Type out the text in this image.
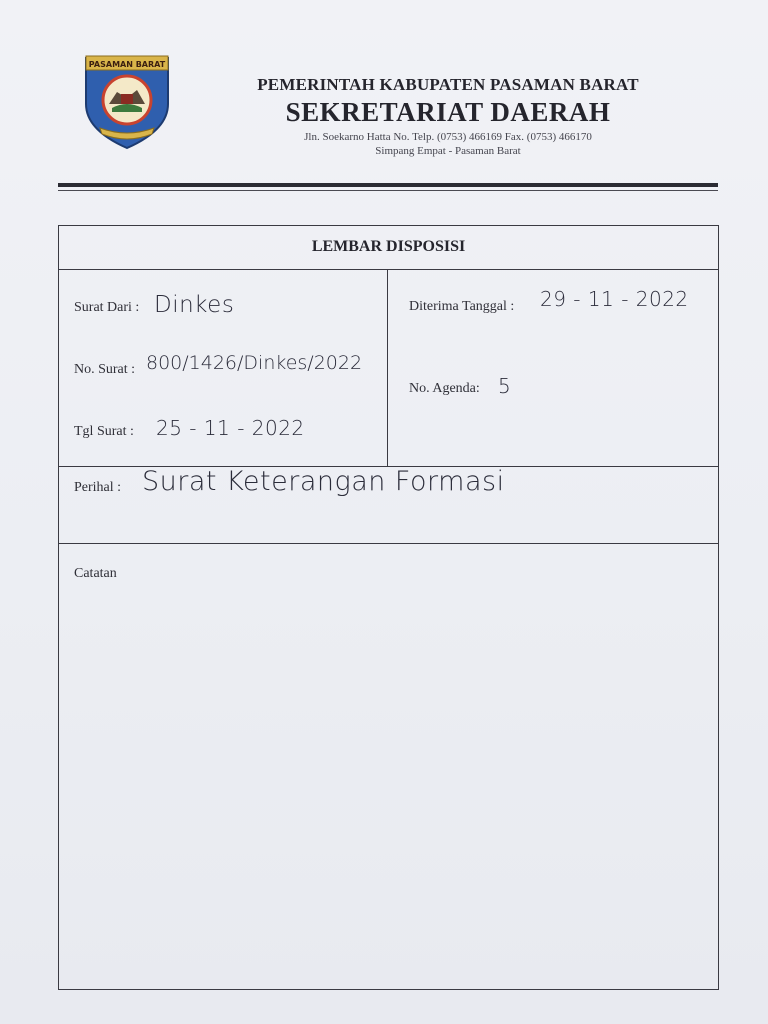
PASAMAN BARAT
PEMERINTAH KABUPATEN PASAMAN BARAT
SEKRETARIAT DAERAH
Jln. Soekarno Hatta No. Telp. (0753) 466169 Fax. (0753) 466170
Simpang Empat - Pasaman Barat
LEMBAR DISPOSISI
Surat Dari : Dinkes
No. Surat : 800/1426/Dinkes/2022
Tgl Surat : 25 - 11 - 2022
Diterima Tanggal : 29 - 11 - 2022
No. Agenda: 5
Perihal : Surat Keterangan Formasi
Catatan
